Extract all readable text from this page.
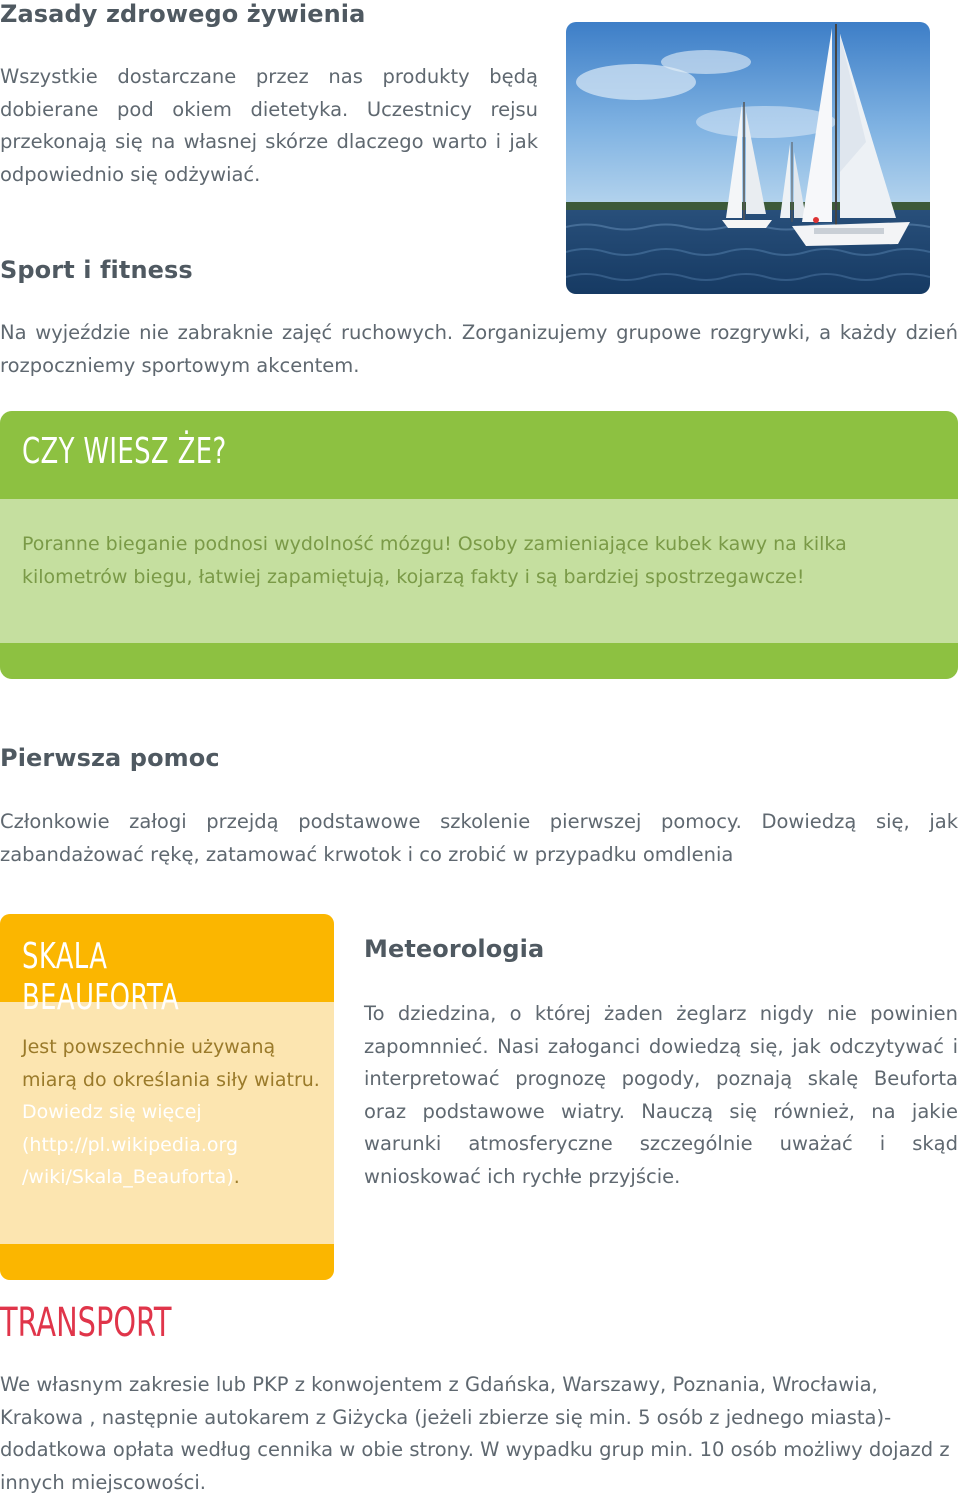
Zasady zdrowego żywienia

Wszystkie dostarczane przez nas produkty będą dobierane pod okiem dietetyka. Uczestnicy rejsu przekonają się na własnej skórze dlaczego warto i jak odpowiednio się odżywiać.

Sport i fitness

Na wyjeździe nie zabraknie zajęć ruchowych. Zorganizujemy grupowe rozgrywki, a każdy dzień rozpoczniemy sportowym akcentem.

CZY WIESZ ŻE?

Poranne bieganie podnosi wydolność mózgu! Osoby zamieniające kubek kawy na kilka kilometrów biegu, łatwiej zapamiętują, kojarzą fakty i są bardziej spostrzegawcze!

Pierwsza pomoc

Członkowie załogi przejdą podstawowe szkolenie pierwszej pomocy. Dowiedzą się, jak zabandażować rękę, zatamować krwotok i co zrobić w przypadku omdlenia

SKALA BEAUFORTA

Jest powszechnie używaną miarą do określania siły wiatru. Dowiedz się więcej (http://pl.wikipedia.org /wiki/Skala_Beauforta).

Meteorologia

To dziedzina, o której żaden żeglarz nigdy nie powinien zapomnnieć. Nasi załoganci dowiedzą się, jak odczytywać i interpretować prognozę pogody, poznają skalę Beuforta oraz podstawowe wiatry. Nauczą się również, na jakie warunki atmosferyczne szczególnie uważać i skąd wnioskować ich rychłe przyjście.

TRANSPORT

We własnym zakresie lub PKP z konwojentem z Gdańska, Warszawy, Poznania, Wrocławia, Krakowa , następnie autokarem z Giżycka (jeżeli zbierze się min. 5 osób z jednego miasta)- dodatkowa opłata według cennika w obie strony. W wypadku grup min. 10 osób możliwy dojazd z innych miejscowości.
